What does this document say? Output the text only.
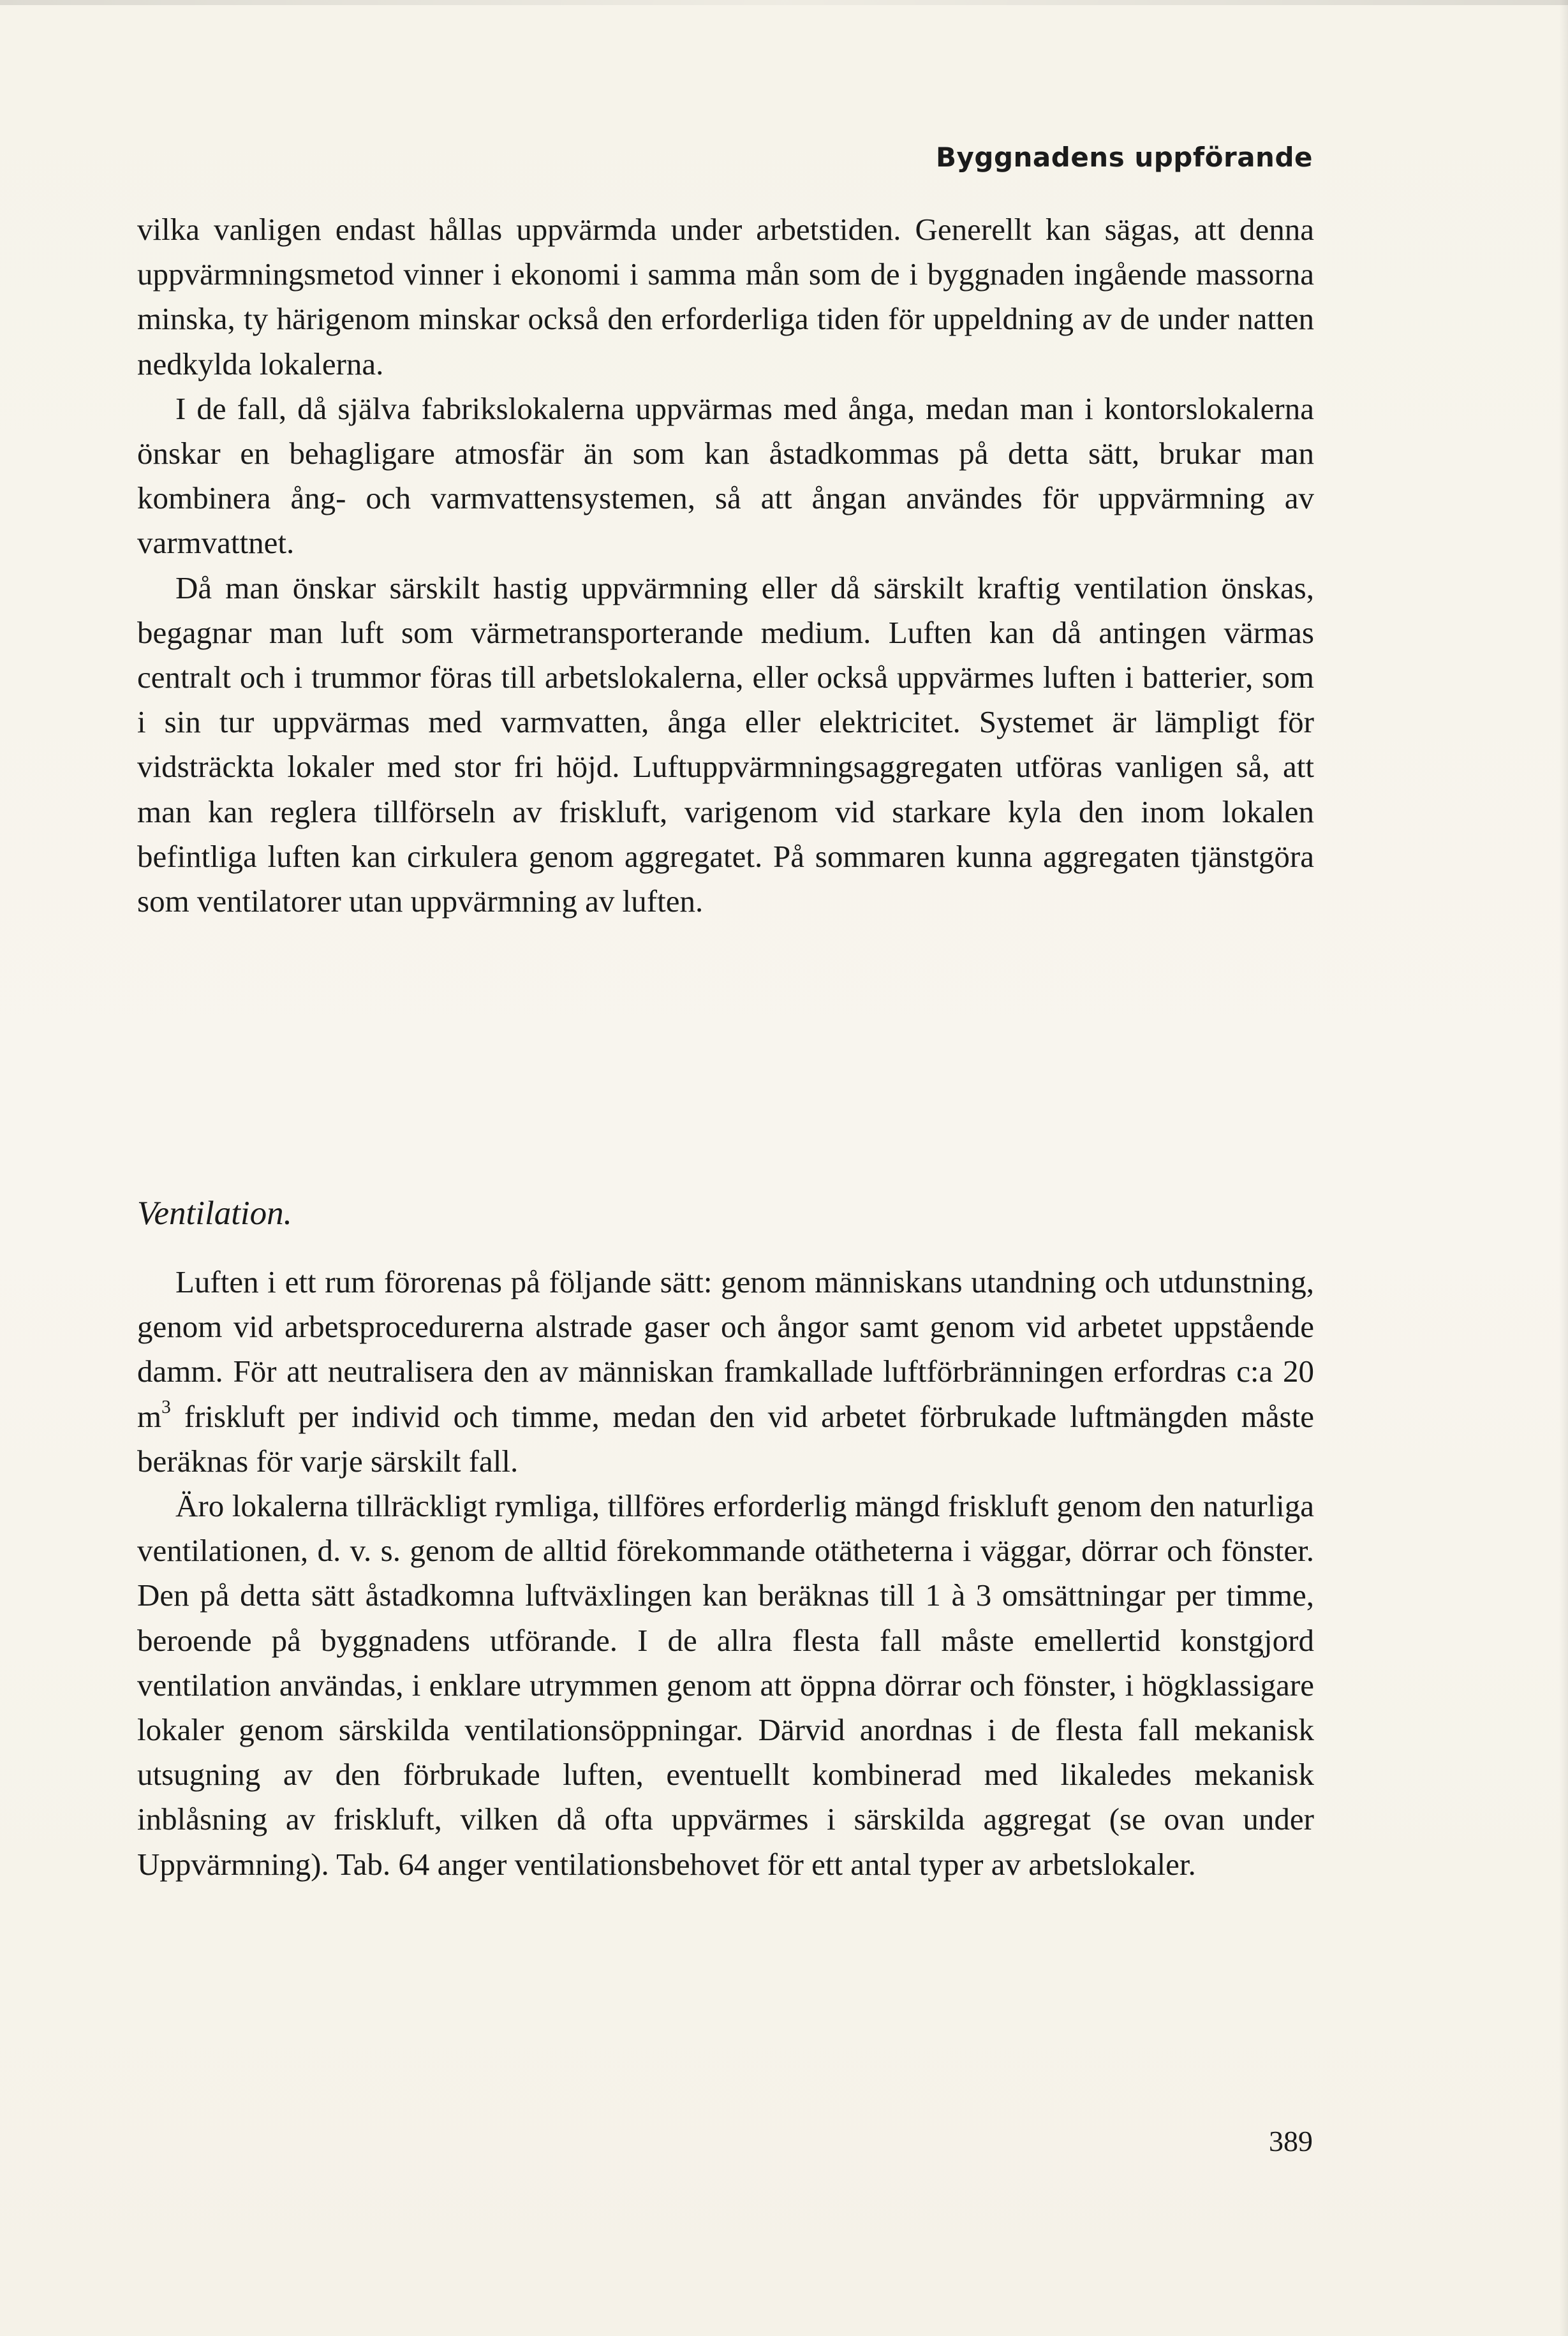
Byggnadens uppförande

vilka vanligen endast hållas uppvärmda under arbetstiden. Generellt kan sägas, att denna uppvärmningsmetod vinner i ekonomi i samma mån som de i byggnaden ingående massorna minska, ty härigenom minskar också den erforderliga tiden för uppeldning av de under natten nedkylda lokalerna.

I de fall, då själva fabrikslokalerna uppvärmas med ånga, medan man i kontorslokalerna önskar en behagligare atmosfär än som kan åstadkommas på detta sätt, brukar man kombinera ång- och varmvattensystemen, så att ångan användes för uppvärmning av varmvattnet.

Då man önskar särskilt hastig uppvärmning eller då särskilt kraftig ventilation önskas, begagnar man luft som värmetransporterande medium. Luften kan då antingen värmas centralt och i trummor föras till arbetslokalerna, eller också uppvärmes luften i batterier, som i sin tur uppvärmas med varmvatten, ånga eller elektricitet. Systemet är lämpligt för vidsträckta lokaler med stor fri höjd. Luftuppvärmningsaggregaten utföras vanligen så, att man kan reglera tillförseln av friskluft, varigenom vid starkare kyla den inom lokalen befintliga luften kan cirkulera genom aggregatet. På sommaren kunna aggregaten tjänstgöra som ventilatorer utan uppvärmning av luften.

Ventilation.

Luften i ett rum förorenas på följande sätt: genom människans utandning och utdunstning, genom vid arbetsprocedurerna alstrade gaser och ångor samt genom vid arbetet uppstående damm. För att neutralisera den av människan framkallade luftförbränningen erfordras c:a 20 $m^3$ friskluft per individ och timme, medan den vid arbetet förbrukade luftmängden måste beräknas för varje särskilt fall.

Äro lokalerna tillräckligt rymliga, tillföres erforderlig mängd friskluft genom den naturliga ventilationen, d. v. s. genom de alltid förekommande otätheterna i väggar, dörrar och fönster. Den på detta sätt åstadkomna luftväxlingen kan beräknas till 1 à 3 omsättningar per timme, beroende på byggnadens utförande. I de allra flesta fall måste emellertid konstgjord ventilation användas, i enklare utrymmen genom att öppna dörrar och fönster, i högklassigare lokaler genom särskilda ventilationsöppningar. Därvid anordnas i de flesta fall mekanisk utsugning av den förbrukade luften, eventuellt kombinerad med likaledes mekanisk inblåsning av friskluft, vilken då ofta uppvärmes i särskilda aggregat (se ovan under Uppvärmning). Tab. 64 anger ventilationsbehovet för ett antal typer av arbetslokaler.

389
